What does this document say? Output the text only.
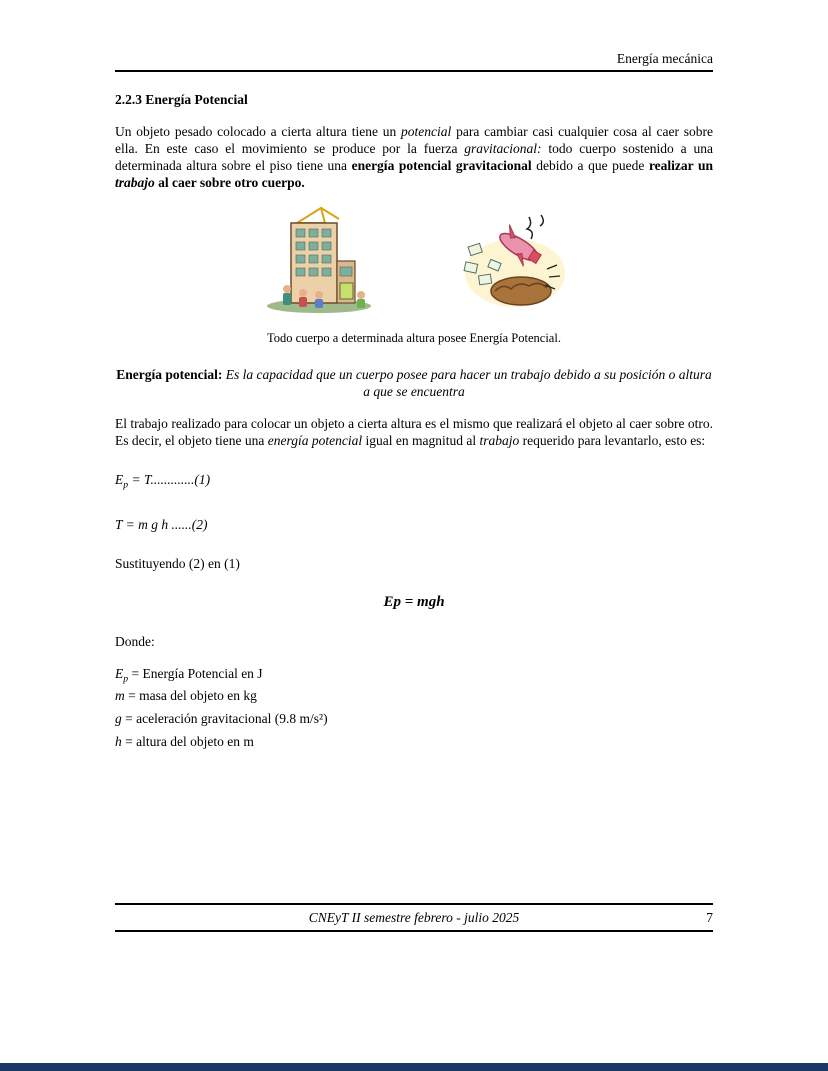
Energía mecánica
2.2.3 Energía Potencial

Un objeto pesado colocado a cierta altura tiene un potencial para cambiar casi cualquier cosa al caer sobre ella. En este caso el movimiento se produce por la fuerza gravitacional: todo cuerpo sostenido a una determinada altura sobre el piso tiene una energía potencial gravitacional debido a que puede realizar un trabajo al caer sobre otro cuerpo.

Todo cuerpo a determinada altura posee Energía Potencial.

Energía potencial: Es la capacidad que un cuerpo posee para hacer un trabajo debido a su posición o altura a que se encuentra

El trabajo realizado para colocar un objeto a cierta altura es el mismo que realizará el objeto al caer sobre otro. Es decir, el objeto tiene una energía potencial igual en magnitud al trabajo requerido para levantarlo, esto es:

$E_p = T.............(1)$

T = m g h ......(2)

Sustituyendo (2) en (1)

Ep = mgh

Donde:

$E_p$ = Energía Potencial en J
m = masa del objeto en kg
g = aceleración gravitacional (9.8 m/s²)
h = altura del objeto en m
CNEyT II semestre febrero - julio 2025	7
